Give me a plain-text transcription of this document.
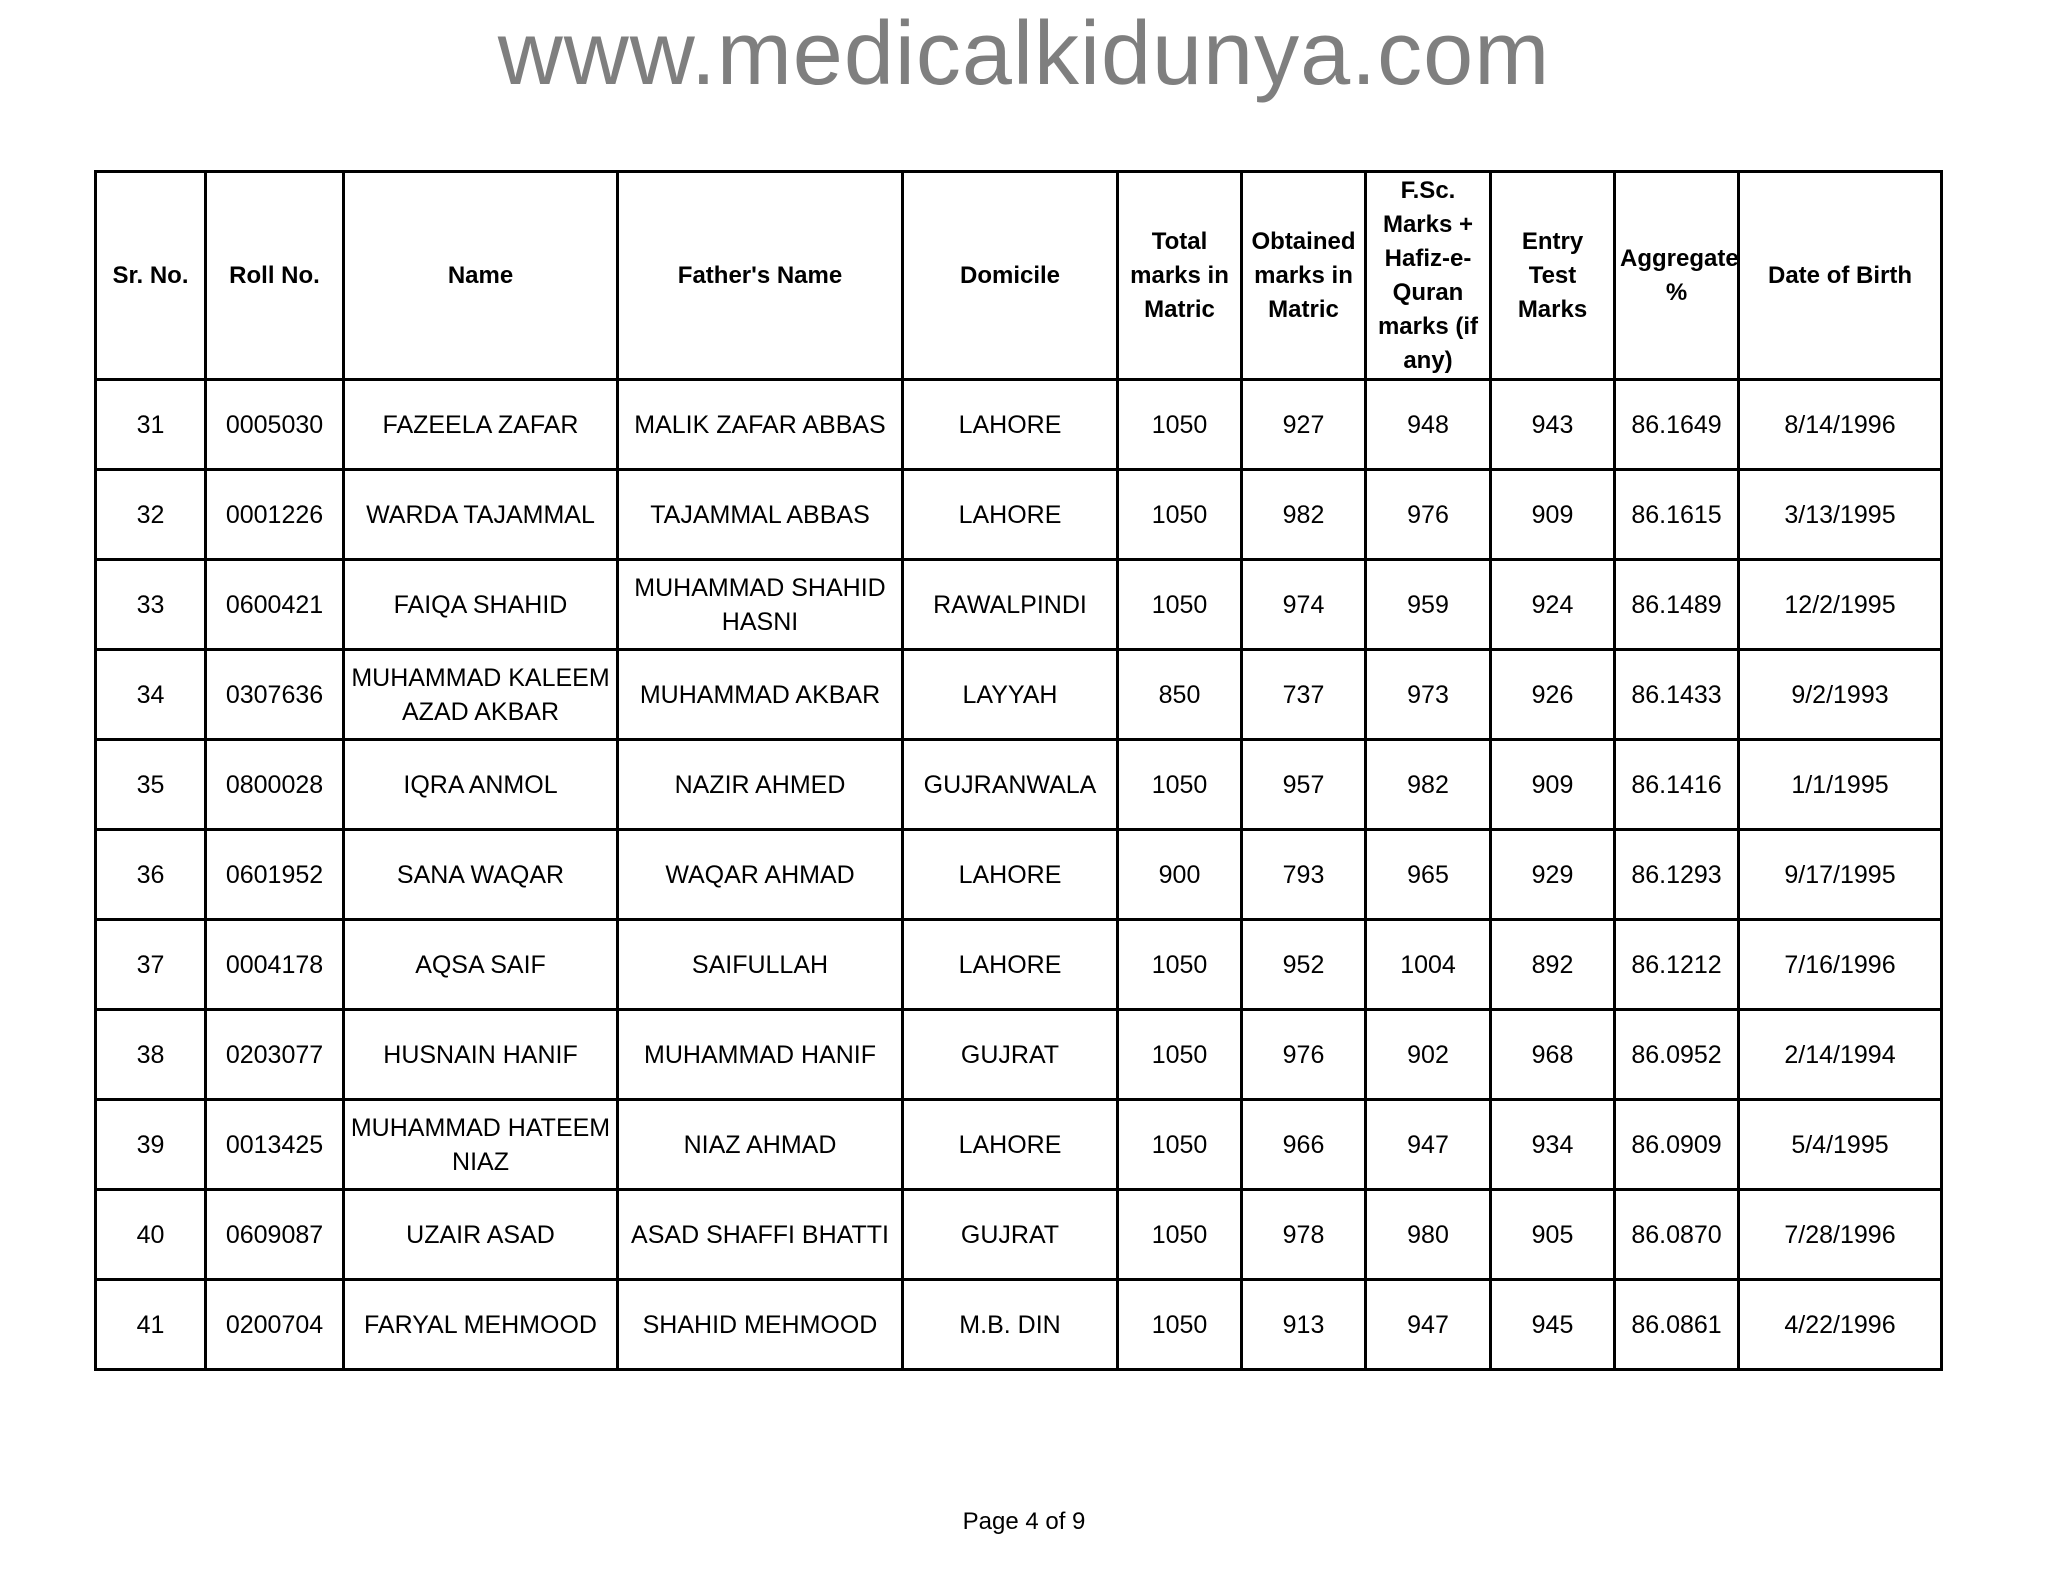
www.medicalkidunya.com
Sr. No.	Roll No.	Name	Father's Name	Domicile	Total marks in Matric	Obtained marks in Matric	F.Sc. Marks + Hafiz-e-Quran marks (if any)	Entry Test Marks	Aggregate %	Date of Birth
31	0005030	FAZEELA ZAFAR	MALIK ZAFAR ABBAS	LAHORE	1050	927	948	943	86.1649	8/14/1996
32	0001226	WARDA TAJAMMAL	TAJAMMAL ABBAS	LAHORE	1050	982	976	909	86.1615	3/13/1995
33	0600421	FAIQA SHAHID	MUHAMMAD SHAHID HASNI	RAWALPINDI	1050	974	959	924	86.1489	12/2/1995
34	0307636	MUHAMMAD KALEEM AZAD AKBAR	MUHAMMAD AKBAR	LAYYAH	850	737	973	926	86.1433	9/2/1993
35	0800028	IQRA ANMOL	NAZIR AHMED	GUJRANWALA	1050	957	982	909	86.1416	1/1/1995
36	0601952	SANA WAQAR	WAQAR AHMAD	LAHORE	900	793	965	929	86.1293	9/17/1995
37	0004178	AQSA SAIF	SAIFULLAH	LAHORE	1050	952	1004	892	86.1212	7/16/1996
38	0203077	HUSNAIN HANIF	MUHAMMAD HANIF	GUJRAT	1050	976	902	968	86.0952	2/14/1994
39	0013425	MUHAMMAD HATEEM NIAZ	NIAZ AHMAD	LAHORE	1050	966	947	934	86.0909	5/4/1995
40	0609087	UZAIR ASAD	ASAD SHAFFI BHATTI	GUJRAT	1050	978	980	905	86.0870	7/28/1996
41	0200704	FARYAL MEHMOOD	SHAHID MEHMOOD	M.B. DIN	1050	913	947	945	86.0861	4/22/1996
Page 4 of 9
